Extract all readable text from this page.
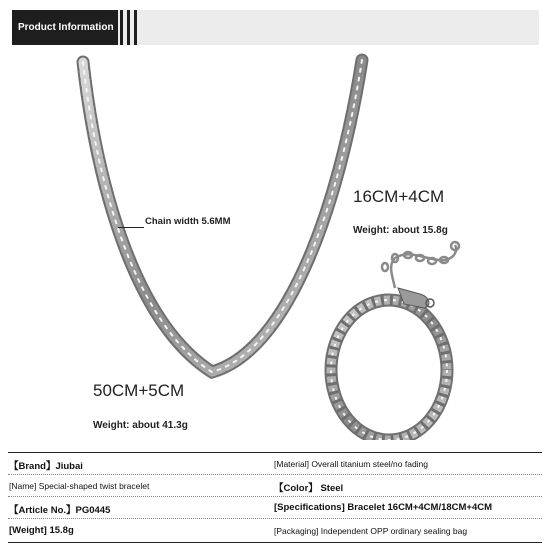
Product Information
Chain width 5.6MM
16CM+4CM
Weight: about 15.8g
50CM+5CM
Weight: about 41.3g
【Brand】Jiubai	[Material] Overall titanium steel/no fading
[Name] Special-shaped twist bracelet	【Color】 Steel
【Article No.】PG0445	[Specifications] Bracelet 16CM+4CM/18CM+4CM
[Weight] 15.8g	[Packaging] Independent OPP ordinary sealing bag
